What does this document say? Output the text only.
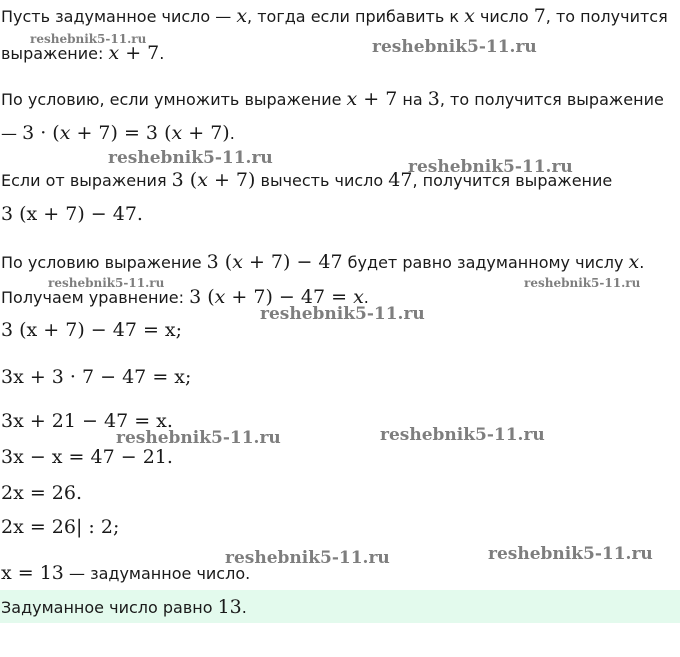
Пусть задуманное число — x, тогда если прибавить к x число 7, то получится
выражение: x + 7.
По условию, если умножить выражение x + 7 на 3, то получится выражение
— 3 · (x + 7) = 3 (x + 7).
Если от выражения 3 (x + 7) вычесть число 47, получится выражение
3 (x + 7) − 47.
По условию выражение 3 (x + 7) − 47 будет равно задуманному числу x.
Получаем уравнение: 3 (x + 7) − 47 = x.
3 (x + 7) − 47 = x;
3x + 3 · 7 − 47 = x;
3x + 21 − 47 = x.
3x − x = 47 − 21.
2x = 26.
2x = 26| : 2;
x = 13 — задуманное число.
Задуманное число равно 13.
reshebnik5-11.ru	reshebnik5-11.ru
reshebnik5-11.ru	reshebnik5-11.ru
reshebnik5-11.ru	reshebnik5-11.ru
reshebnik5-11.ru
reshebnik5-11.ru	reshebnik5-11.ru
reshebnik5-11.ru	reshebnik5-11.ru
